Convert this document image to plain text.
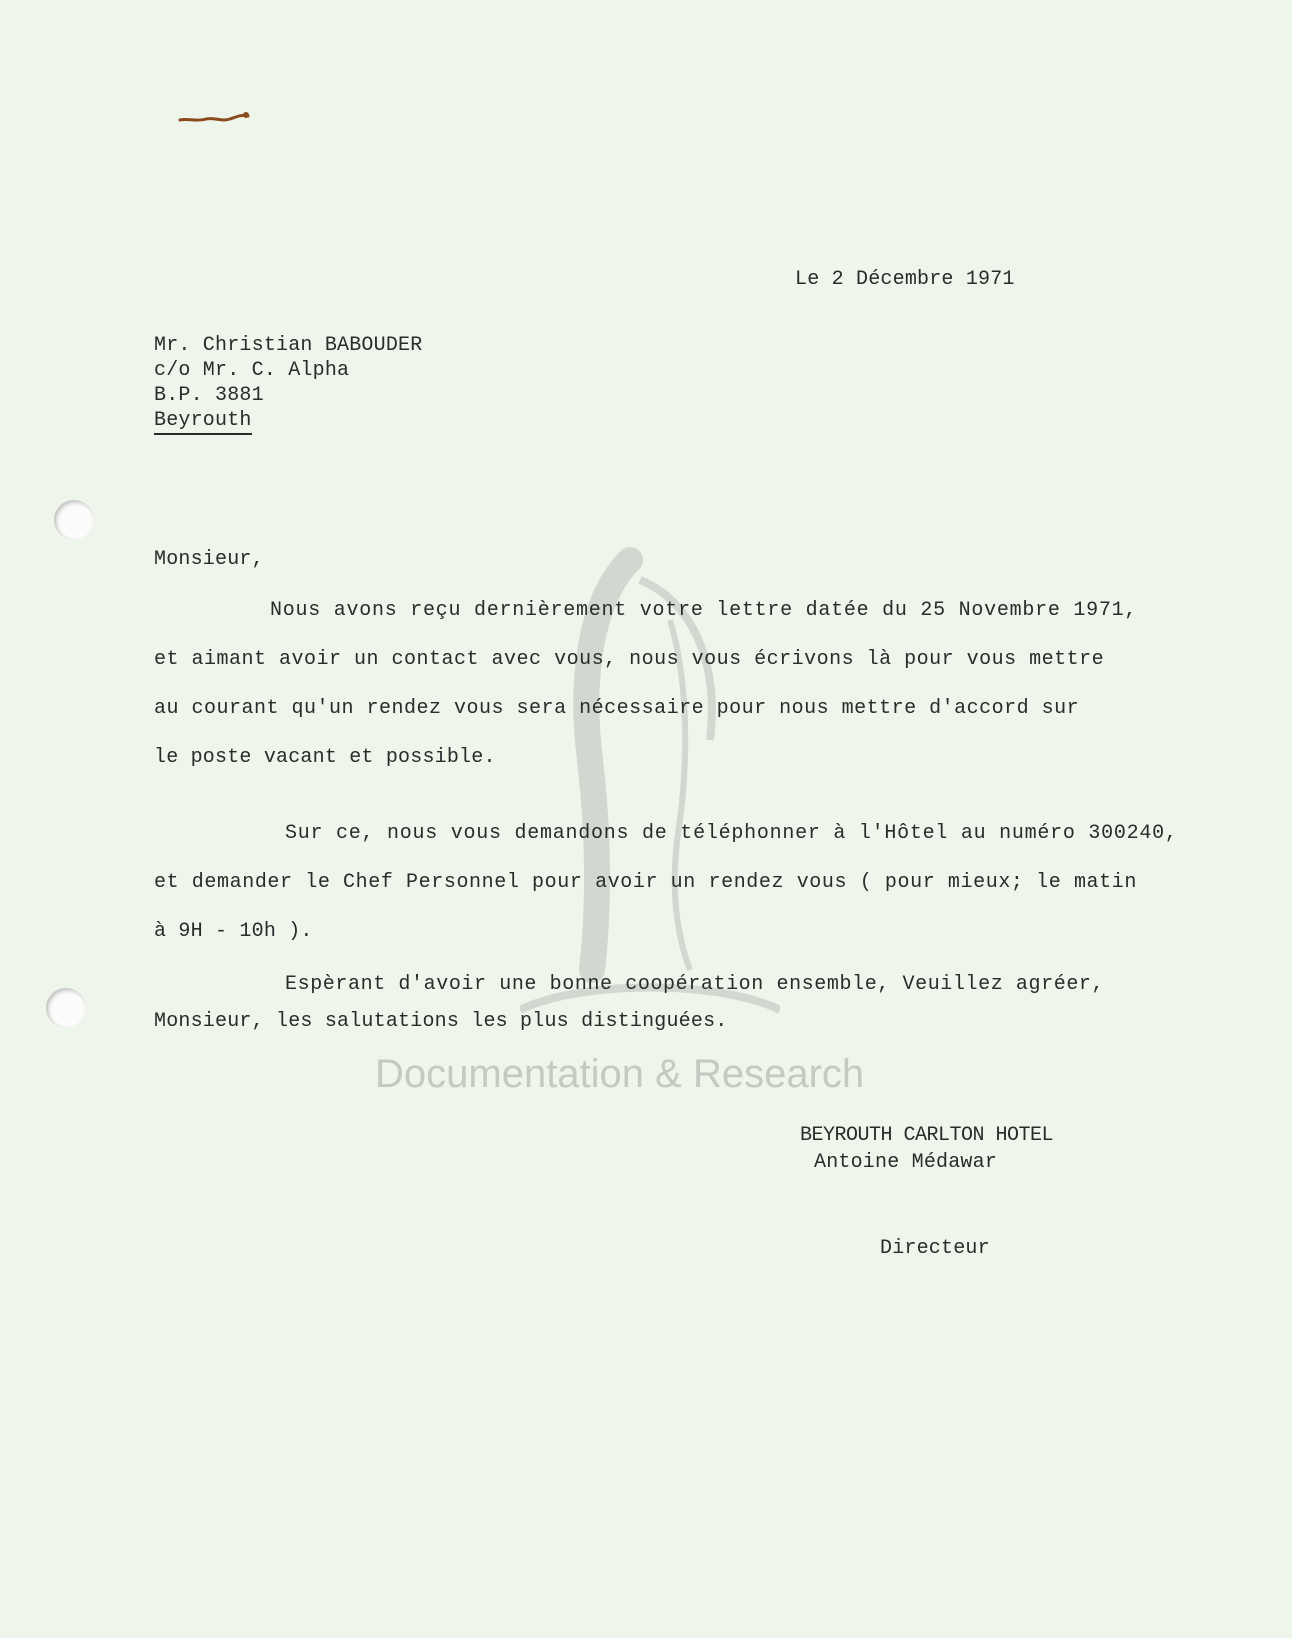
Documentation & Research
Le 2 Décembre 1971
Mr. Christian BABOUDER
c/o Mr. C. Alpha
B.P. 3881
Beyrouth
Monsieur,
Nous avons reçu dernièrement votre lettre datée du 25 Novembre 1971,
et aimant avoir un contact avec vous, nous vous écrivons là pour vous mettre
au courant qu'un rendez vous sera nécessaire pour nous mettre d'accord sur
le poste vacant et possible.
Sur ce, nous vous demandons de téléphonner à l'Hôtel au numéro 300240,
et demander le Chef Personnel pour avoir un rendez vous ( pour mieux; le matin
à 9H - 10h ).
Espèrant d'avoir une bonne coopération ensemble, Veuillez agréer,
Monsieur, les salutations les plus distinguées.
BEYROUTH CARLTON HOTEL
Antoine Médawar
Directeur
